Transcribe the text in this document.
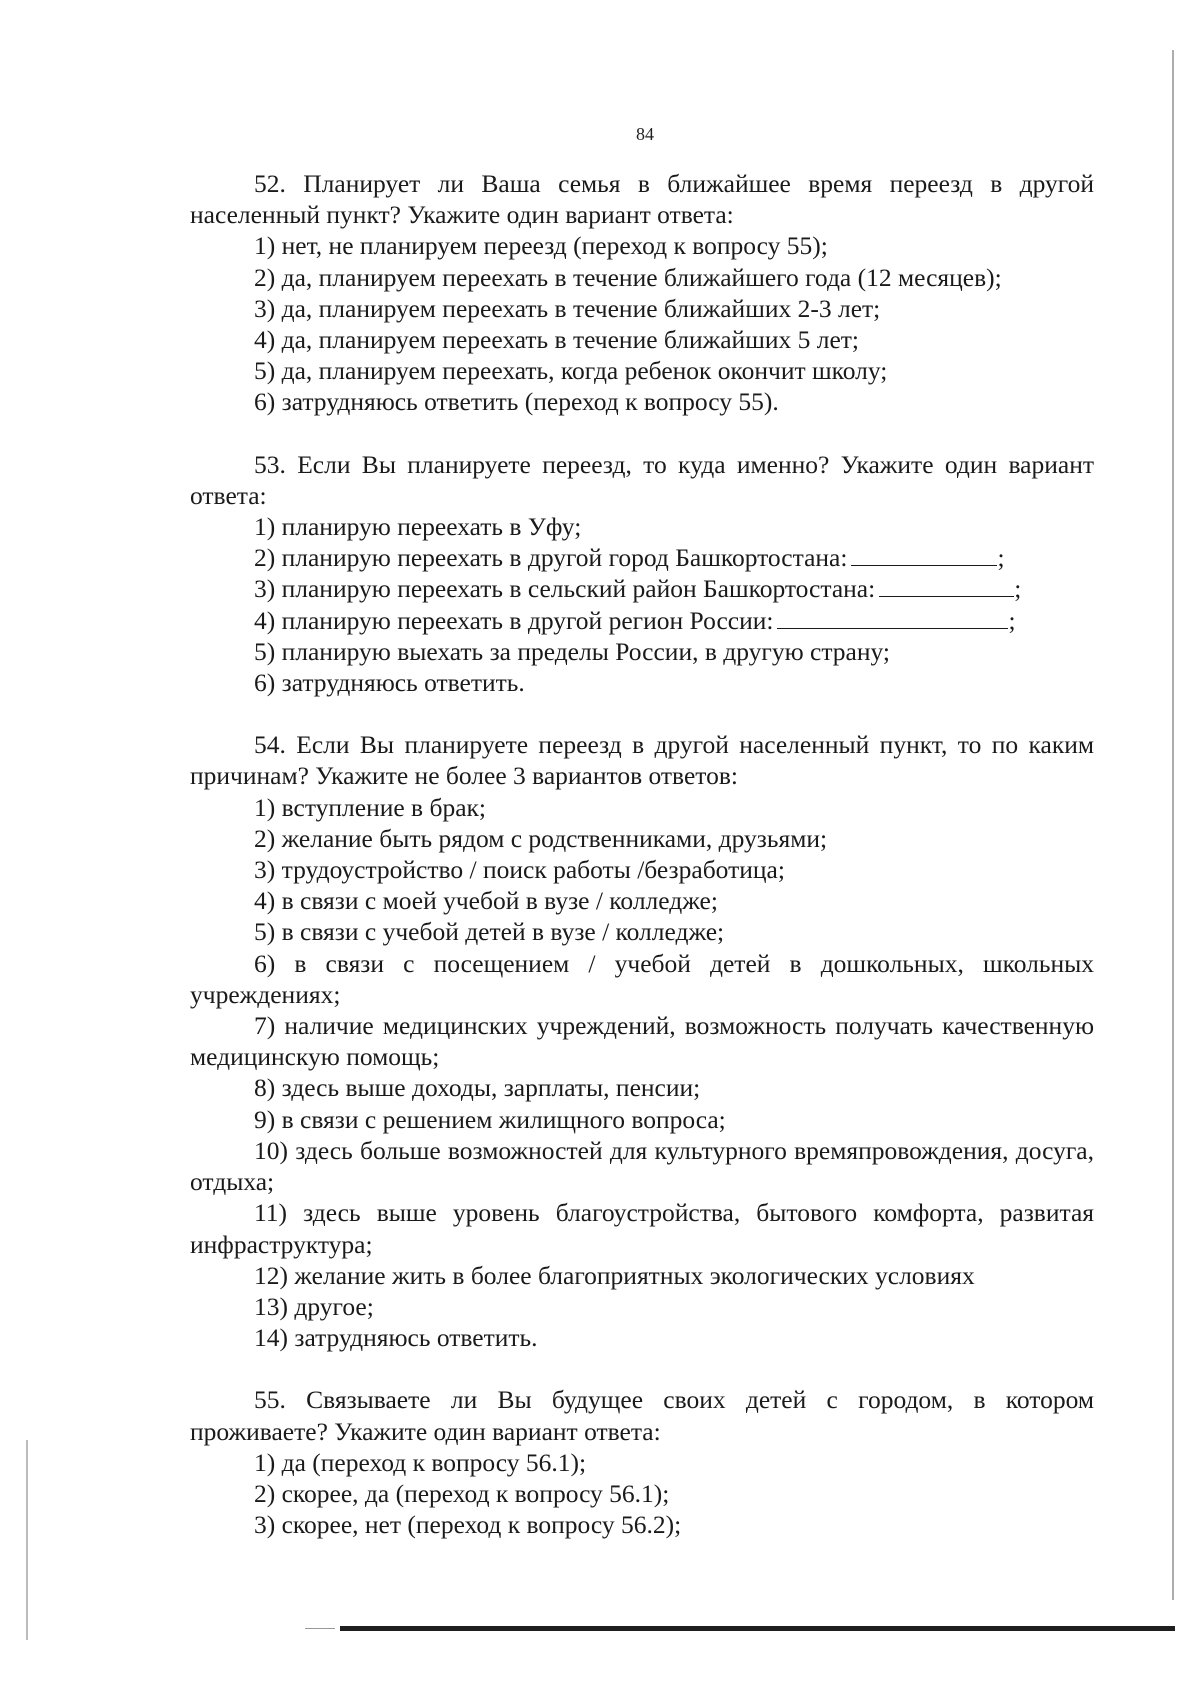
84

52. Планирует ли Ваша семья в ближайшее время переезд в другой населенный пункт? Укажите один вариант ответа:

1) нет, не планируем переезд (переход к вопросу 55);
2) да, планируем переехать в течение ближайшего года (12 месяцев);
3) да, планируем переехать в течение ближайших 2-3 лет;
4) да, планируем переехать в течение ближайших 5 лет;
5) да, планируем переехать, когда ребенок окончит школу;
6) затрудняюсь ответить (переход к вопросу 55).

53. Если Вы планируете переезд, то куда именно? Укажите один вариант ответа:

1) планирую переехать в Уфу;
2) планирую переехать в другой город Башкортостана:	;
3) планирую переехать в сельский район Башкортостана:	;
4) планирую переехать в другой регион России:	;
5) планирую выехать за пределы России, в другую страну;
6) затрудняюсь ответить.

54. Если Вы планируете переезд в другой населенный пункт, то по каким причинам? Укажите не более 3 вариантов ответов:

1) вступление в брак;
2) желание быть рядом с родственниками, друзьями;
3) трудоустройство / поиск работы /безработица;
4) в связи с моей учебой в вузе / колледже;
5) в связи с учебой детей в вузе / колледже;
6) в связи с посещением / учебой детей в дошкольных, школьных учреждениях;
7) наличие медицинских учреждений, возможность получать качественную медицинскую помощь;
8) здесь выше доходы, зарплаты, пенсии;
9) в связи с решением жилищного вопроса;
10) здесь больше возможностей для культурного времяпровождения, досуга, отдыха;
11) здесь выше уровень благоустройства, бытового комфорта, развитая инфраструктура;
12) желание жить в более благоприятных экологических условиях
13) другое;
14) затрудняюсь ответить.

55. Связываете ли Вы будущее своих детей с городом, в котором проживаете? Укажите один вариант ответа:

1) да (переход к вопросу 56.1);
2) скорее, да (переход к вопросу 56.1);
3) скорее, нет (переход к вопросу 56.2);
